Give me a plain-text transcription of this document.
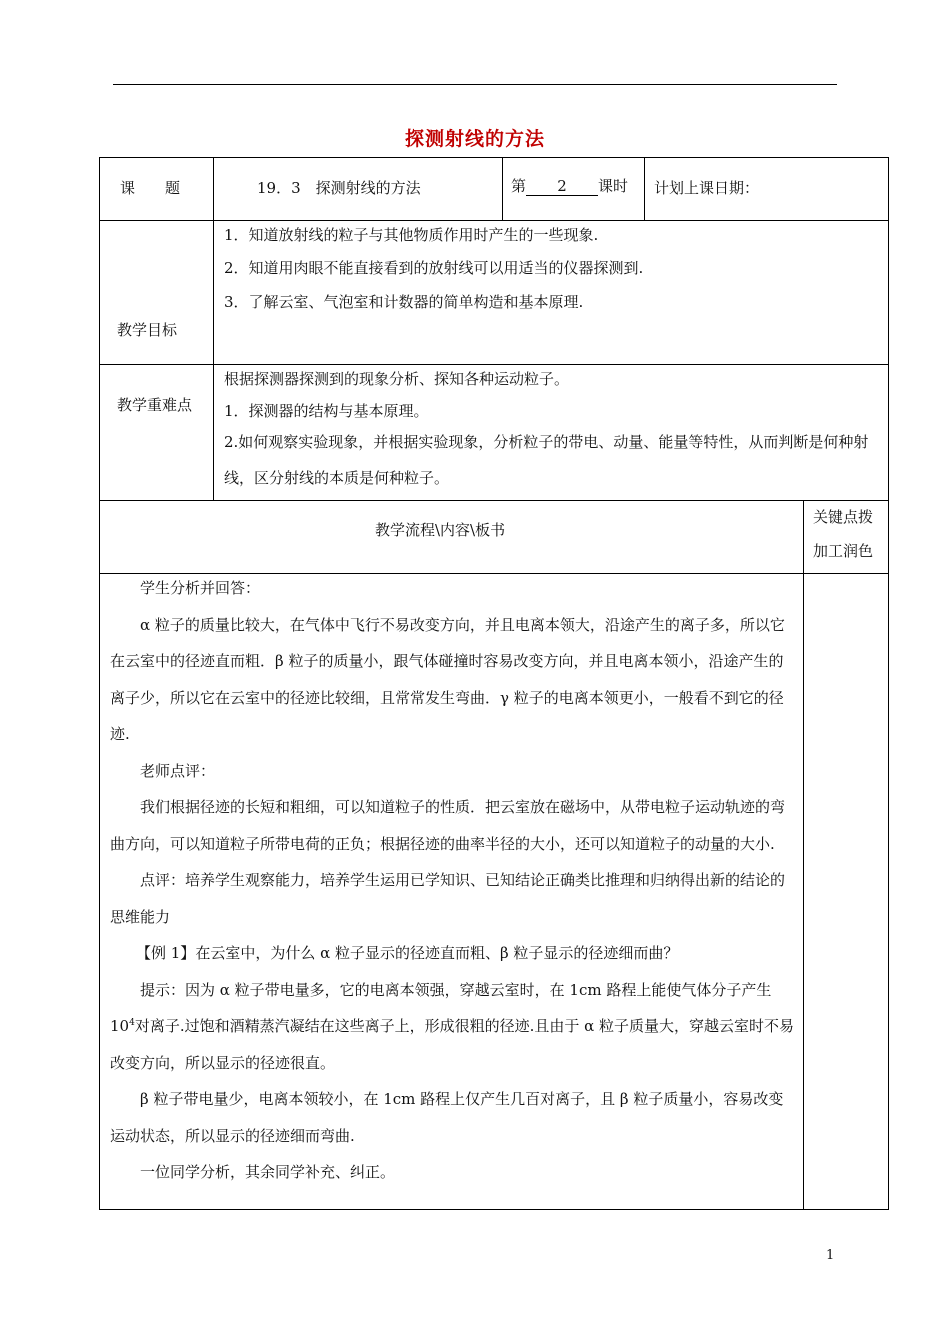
探测射线的方法
课　　题	19．3　探测射线的方法	第 2 课时 计划上课日期：
教学目标
1．知道放射线的粒子与其他物质作用时产生的一些现象.
2．知道用肉眼不能直接看到的放射线可以用适当的仪器探测到.
3．了解云室、气泡室和计数器的简单构造和基本原理.
教学重难点
根据探测器探测到的现象分析、探知各种运动粒子。
1．探测器的结构与基本原理。
2.如何观察实验现象，并根据实验现象，分析粒子的带电、动量、能量等特性，从而判断是何种射线，区分射线的本质是何种粒子。
教学流程\内容\板书
关键点拨加工润色
学生分析并回答：
α 粒子的质量比较大，在气体中飞行不易改变方向，并且电离本领大，沿途产生的离子多，所以它在云室中的径迹直而粗．β 粒子的质量小，跟气体碰撞时容易改变方向，并且电离本领小，沿途产生的离子少，所以它在云室中的径迹比较细，且常常发生弯曲．γ 粒子的电离本领更小，一般看不到它的径迹.
老师点评：
我们根据径迹的长短和粗细，可以知道粒子的性质．把云室放在磁场中，从带电粒子运动轨迹的弯曲方向，可以知道粒子所带电荷的正负；根据径迹的曲率半径的大小，还可以知道粒子的动量的大小.
点评：培养学生观察能力，培养学生运用已学知识、已知结论正确类比推理和归纳得出新的结论的思维能力
【例 1】在云室中，为什么 α 粒子显示的径迹直而粗、β 粒子显示的径迹细而曲？
提示：因为 α 粒子带电量多，它的电离本领强，穿越云室时，在 1cm 路程上能使气体分子产生 $10^4$对离子.过饱和酒精蒸汽凝结在这些离子上，形成很粗的径迹.且由于 α 粒子质量大，穿越云室时不易改变方向，所以显示的径迹很直。
β 粒子带电量少，电离本领较小，在 1cm 路程上仅产生几百对离子，且 β 粒子质量小，容易改变运动状态，所以显示的径迹细而弯曲.
一位同学分析，其余同学补充、纠正。
1
